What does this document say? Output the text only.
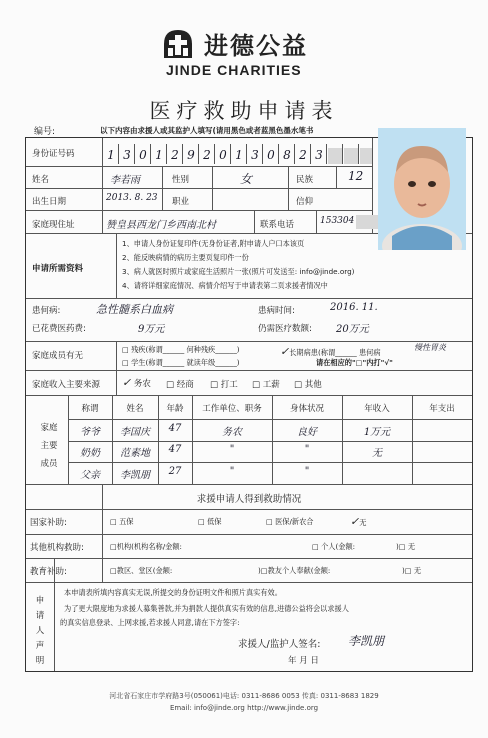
进德公益
JINDE CHARITIES
医疗救助申请表
编号:	以下内容由求援人或其监护人填写(请用黑色或者蓝黑色墨水笔书
身份证号码	1 3 0 1 2 9 2 0 1 3 0 8 2 3
姓名	李若雨	性别	女	民族	12
出生日期	2013. 8. 23 职业	信仰
家庭现住址	赞皇县西龙门乡西南北村	联系电话	153304
申请所需资料
1、申请人身份证复印件(无身份证者,附申请人户口本该页
2、能反映病情的病历主要页复印件一份
3、病人就医时照片或家庭生活照片一张(照片可发送至: info@jinde.org)
4、请将详细家庭情况、病情介绍写于申请表第二页求援者情况中
患何病:	急性髓系白血病	患病时间:	2016. 11.
已花费医药费:	9万元	仍需医疗数额: 20万元
家庭成员有无
□ 残疾(称谓______ 何种残疾______)	✓长期病患(称谓______ 患何病
慢性胃炎
□ 学生(称谓______ 就读年级______)	请在相应的"□"内打"√"
家庭收入主要来源 ✓ 务农 □ 经商 □ 打工 □ 工薪 □ 其他
家庭
主要
成员
称谓	姓名	年龄	工作单位、职务	身体状况	年收入	年支出
爷爷	李国庆	47	务农	良好	1万元
奶奶	范素地	47	"	"	无
父亲	李凯朋	27	"	"
求援申请人得到救助情况
国家补助:	□ 五保	□ 低保	□ 医保/新农合	✓无
其他机构救助:	□机构(机构名称/金额:	□ 个人(金额:	)□ 无
教育补助:	□教区、堂区(金额:	)□教友个人奉献(金额:	)□ 无
申
请
人
声
明
本申请表所填内容真实无误,所提交的身份证明文件和照片真实有效。
为了更大限度地为求援人募集善款,并为捐款人提供真实有效的信息,进德公益将会以求援人
的真实信息登录、上网求援,若求援人同意,请在下方签字:
求援人/监护人签名: 李凯朋
年 月 日
河北省石家庄市学府路3号(050061)电话: 0311-8686 0053 传真: 0311-8683 1829
Email: info@jinde.org http://www.jinde.org
